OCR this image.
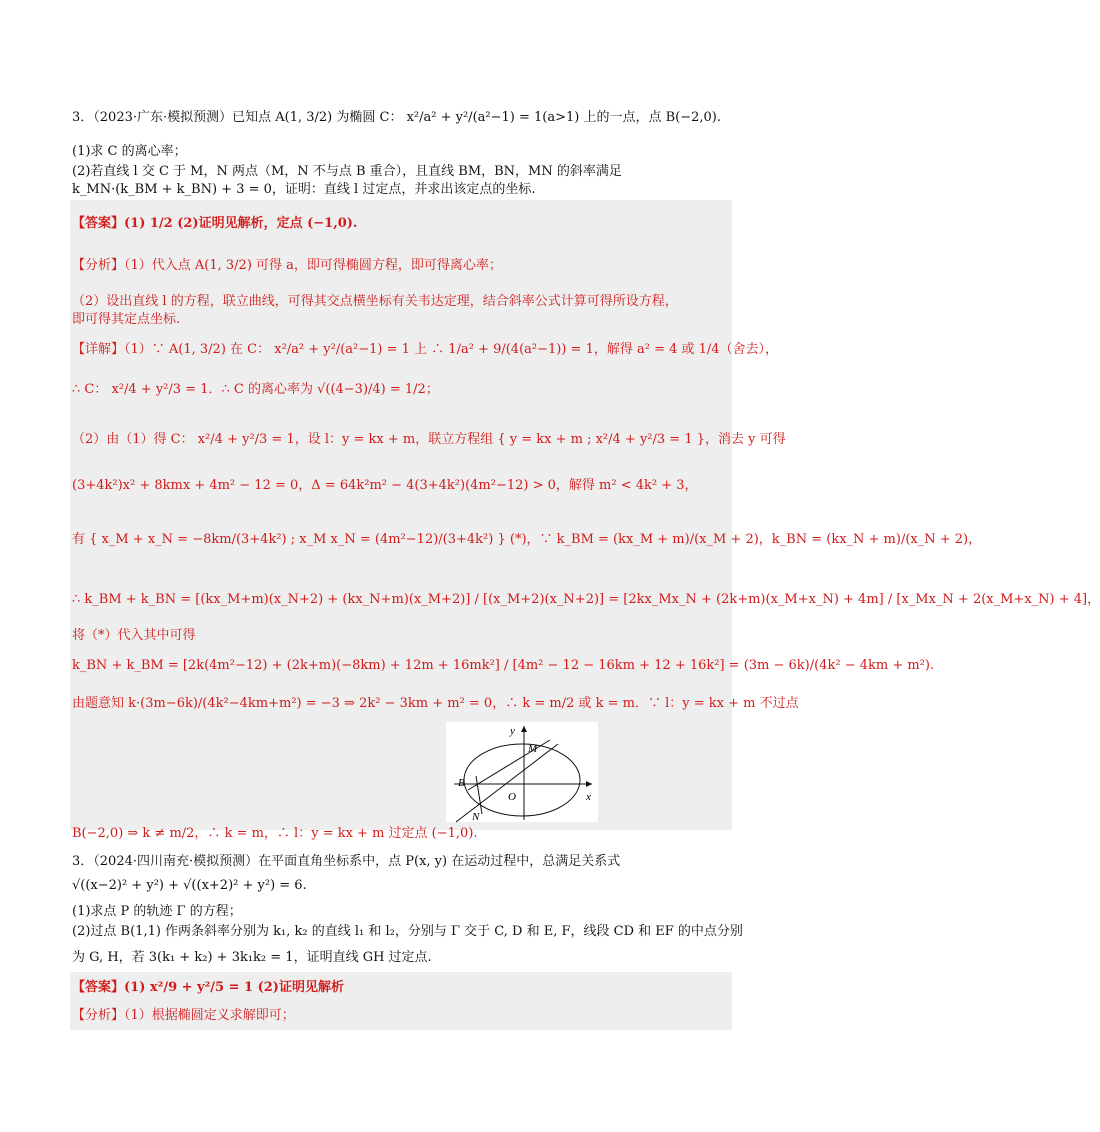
3．（2023·广东·模拟预测）已知点 A(1, 3/2) 为椭圆 C： x²/a² + y²/(a²−1) = 1(a>1) 上的一点，点 B(−2,0).
(1)求 C 的离心率；
(2)若直线 l 交 C 于 M，N 两点（M，N 不与点 B 重合），且直线 BM，BN，MN 的斜率满足
k_MN·(k_BM + k_BN) + 3 = 0，证明：直线 l 过定点，并求出该定点的坐标.
【答案】(1) 1/2 (2)证明见解析，定点 (−1,0).
【分析】（1）代入点 A(1, 3/2) 可得 a，即可得椭圆方程，即可得离心率；
（2）设出直线 l 的方程，联立曲线，可得其交点横坐标有关韦达定理，结合斜率公式计算可得所设方程，
即可得其定点坐标.
【详解】（1）∵ A(1, 3/2) 在 C： x²/a² + y²/(a²−1) = 1 上 ∴ 1/a² + 9/(4(a²−1)) = 1，解得 a² = 4 或 1/4（舍去），
∴ C： x²/4 + y²/3 = 1．∴ C 的离心率为 √((4−3)/4) = 1/2；
（2）由（1）得 C： x²/4 + y²/3 = 1，设 l：y = kx + m，联立方程组 { y = kx + m ; x²/4 + y²/3 = 1 }，消去 y 可得
(3+4k²)x² + 8kmx + 4m² − 12 = 0，Δ = 64k²m² − 4(3+4k²)(4m²−12) > 0，解得 m² < 4k² + 3，
有 { x_M + x_N = −8km/(3+4k²) ; x_M x_N = (4m²−12)/(3+4k²) } (*)，∵ k_BM = (kx_M + m)/(x_M + 2)，k_BN = (kx_N + m)/(x_N + 2)，
∴ k_BM + k_BN = [(kx_M+m)(x_N+2) + (kx_N+m)(x_M+2)] / [(x_M+2)(x_N+2)] = [2kx_Mx_N + (2k+m)(x_M+x_N) + 4m] / [x_Mx_N + 2(x_M+x_N) + 4]，
将（*）代入其中可得
k_BN + k_BM = [2k(4m²−12) + (2k+m)(−8km) + 12m + 16mk²] / [4m² − 12 − 16km + 12 + 16k²] = (3m − 6k)/(4k² − 4km + m²).
由题意知 k·(3m−6k)/(4k²−4km+m²) = −3 ⇒ 2k² − 3km + m² = 0，∴ k = m/2 或 k = m．∵ l：y = kx + m 不过点
B(−2,0) ⇒ k ≠ m/2，∴ k = m，∴ l：y = kx + m 过定点 (−1,0).
M
B
O
N
y
x
3．（2024·四川南充·模拟预测）在平面直角坐标系中，点 P(x, y) 在运动过程中，总满足关系式
√((x−2)² + y²) + √((x+2)² + y²) = 6.
(1)求点 P 的轨迹 Γ 的方程；
(2)过点 B(1,1) 作两条斜率分别为 k₁, k₂ 的直线 l₁ 和 l₂，分别与 Γ 交于 C, D 和 E, F，线段 CD 和 EF 的中点分别
为 G, H，若 3(k₁ + k₂) + 3k₁k₂ = 1，证明直线 GH 过定点.
【答案】(1) x²/9 + y²/5 = 1 (2)证明见解析
【分析】（1）根据椭圆定义求解即可；
